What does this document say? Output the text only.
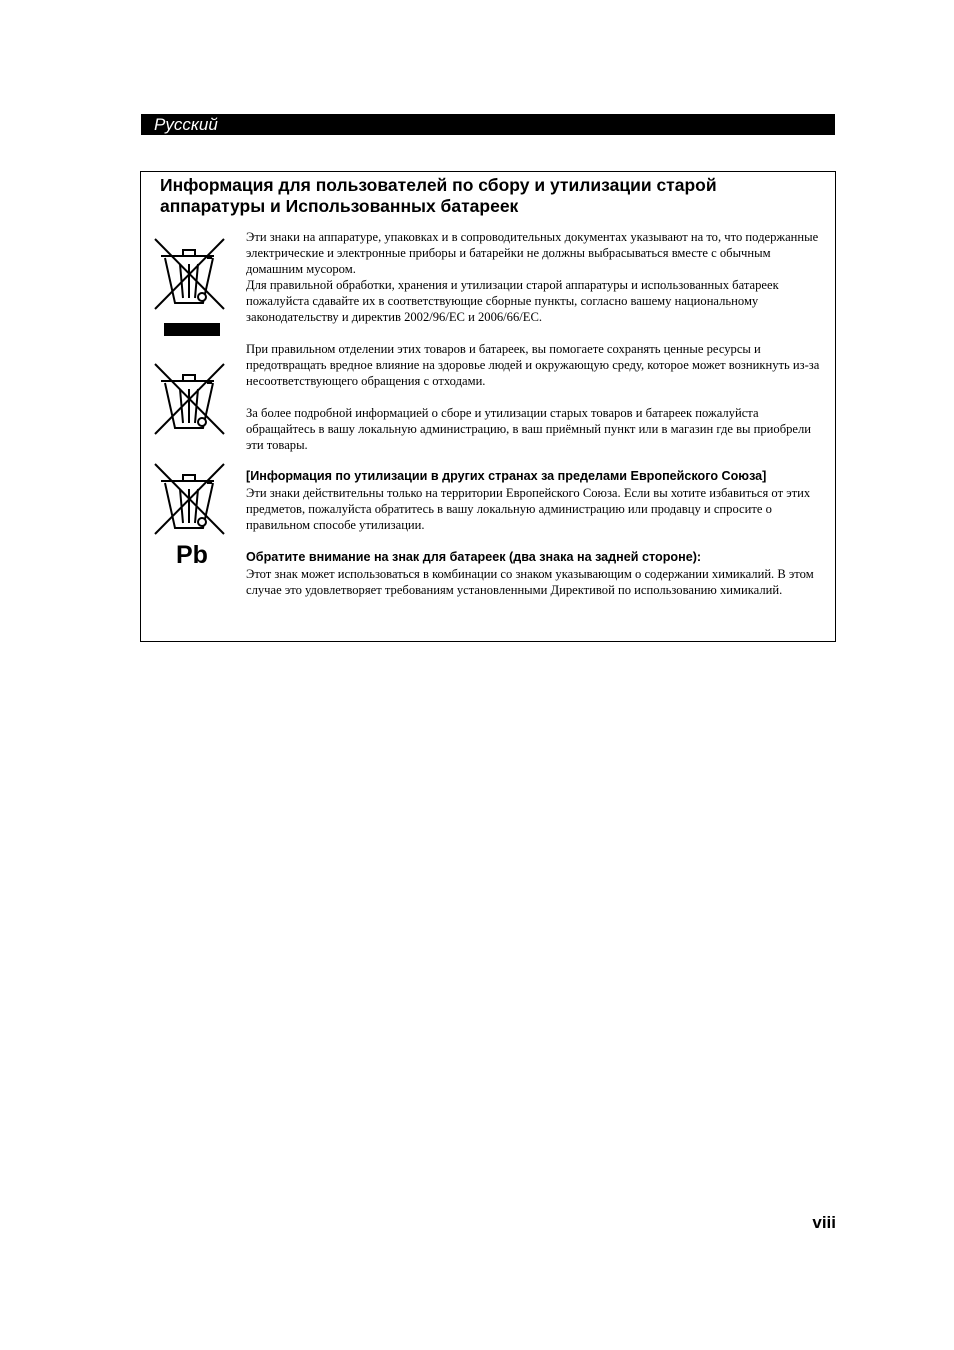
Русский
Информация для пользователей по сбору и утилизации старой аппаратуры и Использованных батареек
Pb

Эти знаки на аппаратуре, упаковках и в сопроводительных документах указывают на то, что подержанные электрические и электронные приборы и батарейки не должны выбрасываться вместе с обычным домашним мусором.

Для правильной обработки, хранения и утилизации старой аппаратуры и использованных батареек пожалуйста сдавайте их в соответствующие сборные пункты, согласно вашему национальному законодательству и директив 2002/96/EC и 2006/66/EC.

При правильном отделении этих товаров и батареек, вы помогаете сохранять ценные ресурсы и предотвращать вредное влияние на здоровье людей и окружающую среду, которое может возникнуть из-за несоответствующего обращения с отходами.

За более подробной информацией о сборе и утилизации старых товаров и батареек пожалуйста обращайтесь в вашу локальную администрацию, в ваш приёмный пункт или в магазин где вы приобрели эти товары.

[Информация по утилизации в других странах за пределами Европейского Союза]

Эти знаки действительны только на территории Европейского Союза. Если вы хотите избавиться от этих предметов, пожалуйста обратитесь в вашу локальную администрацию или продавцу и спросите о правильном способе утилизации.

Обратите внимание на знак для батареек (два знака на задней стороне):

Этот знак может использоваться в комбинации со знаком указывающим о содержании химикалий. В этом случае это удовлетворяет требованиям установленными Директивой по использованию химикалий.

viii
